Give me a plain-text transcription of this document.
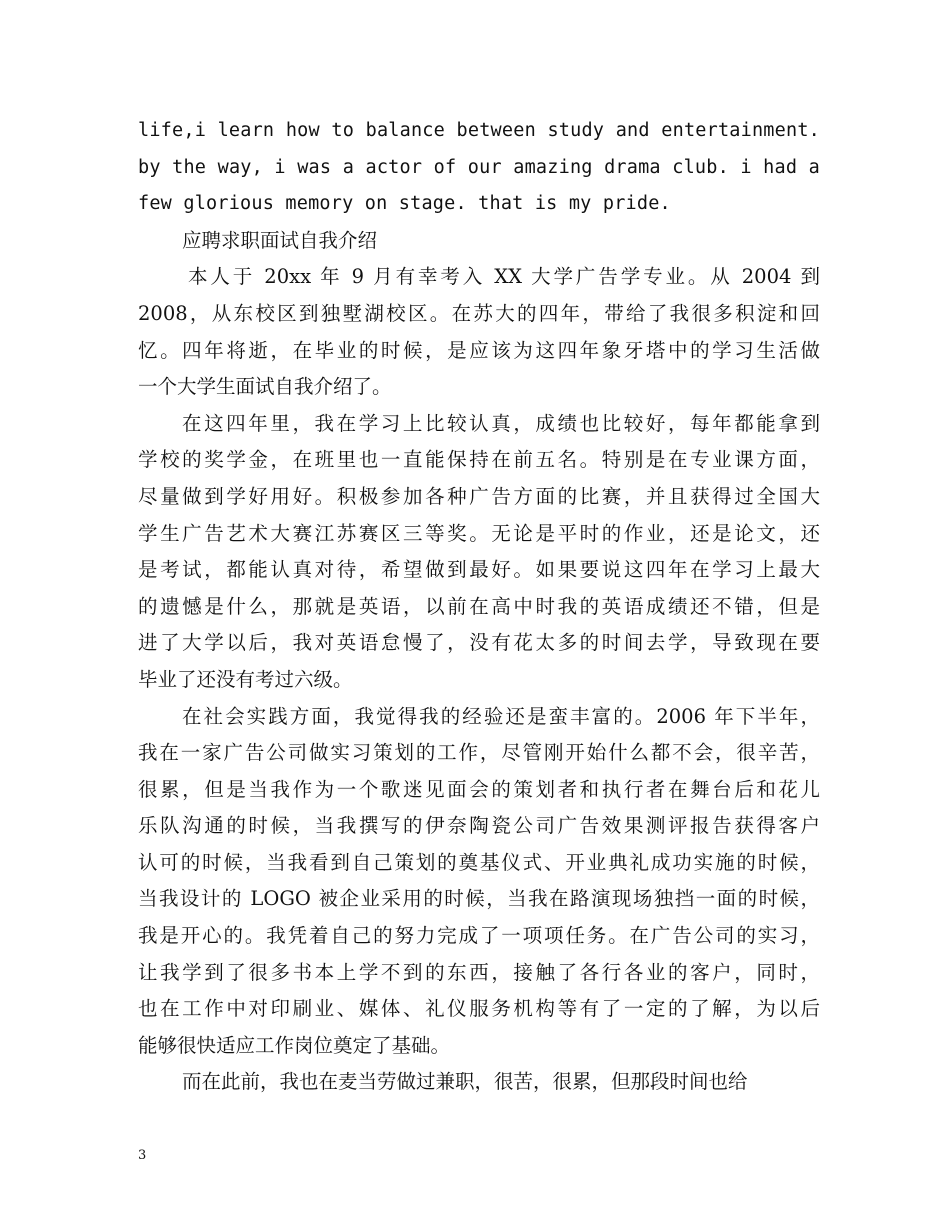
life,i learn how to balance between study and entertainment.
by the way, i was a actor of our amazing drama club. i had a
few glorious memory on stage. that is my pride.
应聘求职面试自我介绍
本人于 20xx 年 9 月有幸考入 XX 大学广告学专业。从 2004 到
2008，从东校区到独墅湖校区。在苏大的四年，带给了我很多积淀和回
忆。四年将逝，在毕业的时候，是应该为这四年象牙塔中的学习生活做
一个大学生面试自我介绍了。
在这四年里，我在学习上比较认真，成绩也比较好，每年都能拿到
学校的奖学金，在班里也一直能保持在前五名。特别是在专业课方面，
尽量做到学好用好。积极参加各种广告方面的比赛，并且获得过全国大
学生广告艺术大赛江苏赛区三等奖。无论是平时的作业，还是论文，还
是考试，都能认真对待，希望做到最好。如果要说这四年在学习上最大
的遗憾是什么，那就是英语，以前在高中时我的英语成绩还不错，但是
进了大学以后，我对英语怠慢了，没有花太多的时间去学，导致现在要
毕业了还没有考过六级。
在社会实践方面，我觉得我的经验还是蛮丰富的。2006 年下半年，
我在一家广告公司做实习策划的工作，尽管刚开始什么都不会，很辛苦，
很累，但是当我作为一个歌迷见面会的策划者和执行者在舞台后和花儿
乐队沟通的时候，当我撰写的伊奈陶瓷公司广告效果测评报告获得客户
认可的时候，当我看到自己策划的奠基仪式、开业典礼成功实施的时候，
当我设计的 LOGO 被企业采用的时候，当我在路演现场独挡一面的时候，
我是开心的。我凭着自己的努力完成了一项项任务。在广告公司的实习，
让我学到了很多书本上学不到的东西，接触了各行各业的客户，同时，
也在工作中对印刷业、媒体、礼仪服务机构等有了一定的了解，为以后
能够很快适应工作岗位奠定了基础。
而在此前，我也在麦当劳做过兼职，很苦，很累，但那段时间也给
3
